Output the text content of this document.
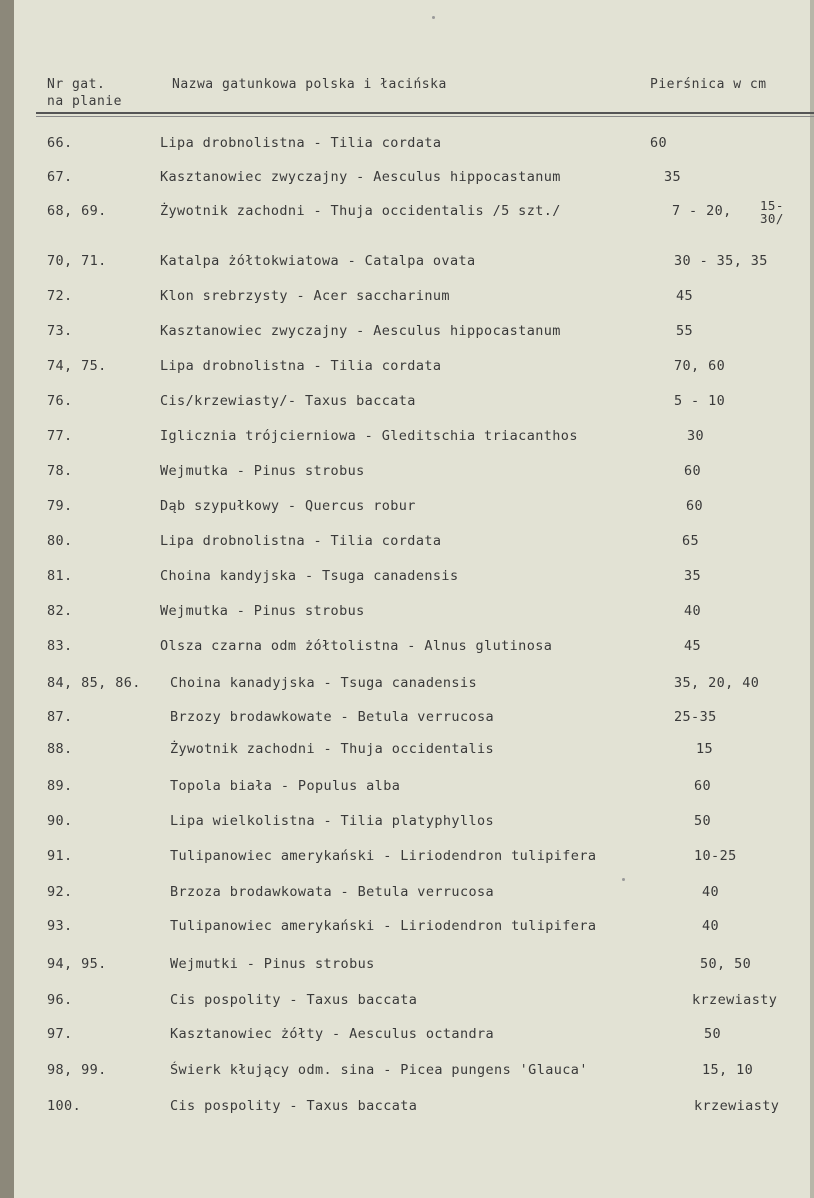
Nr gat.
na planie
Nazwa gatunkowa polska i łacińska	Pierśnica w cm
66.	Lipa drobnolistna - Tilia cordata	60
67.	Kasztanowiec zwyczajny - Aesculus hippocastanum	35
68, 69.	Żywotnik zachodni - Thuja occidentalis /5 szt./	7 - 20, 15-30/
70, 71.	Katalpa żółtokwiatowa - Catalpa ovata	30 - 35, 35
72.	Klon srebrzysty - Acer saccharinum	45
73.	Kasztanowiec zwyczajny - Aesculus hippocastanum	55
74, 75.	Lipa drobnolistna - Tilia cordata	70, 60
76.	Cis/krzewiasty/- Taxus baccata	5 - 10
77.	Iglicznia trójcierniowa - Gleditschia triacanthos	30
78.	Wejmutka - Pinus strobus	60
79.	Dąb szypułkowy - Quercus robur	60
80.	Lipa drobnolistna - Tilia cordata	65
81.	Choina kandyjska - Tsuga canadensis	35
82.	Wejmutka - Pinus strobus	40
83.	Olsza czarna odm żółtolistna - Alnus glutinosa	45
84, 85, 86. Choina kanadyjska - Tsuga canadensis	35, 20, 40
87.	Brzozy brodawkowate - Betula verrucosa	25-35
88.	Żywotnik zachodni - Thuja occidentalis	15
89.	Topola biała - Populus alba	60
90.	Lipa wielkolistna - Tilia platyphyllos	50
91.	Tulipanowiec amerykański - Liriodendron tulipifera	10-25
92.	Brzoza brodawkowata - Betula verrucosa	40
93.	Tulipanowiec amerykański - Liriodendron tulipifera	40
94, 95.	Wejmutki - Pinus strobus	50, 50
96.	Cis pospolity - Taxus baccata	krzewiasty
97.	Kasztanowiec żółty - Aesculus octandra	50
98, 99.	Świerk kłujący odm. sina - Picea pungens 'Glauca'	15, 10
100.	Cis pospolity - Taxus baccata	krzewiasty
